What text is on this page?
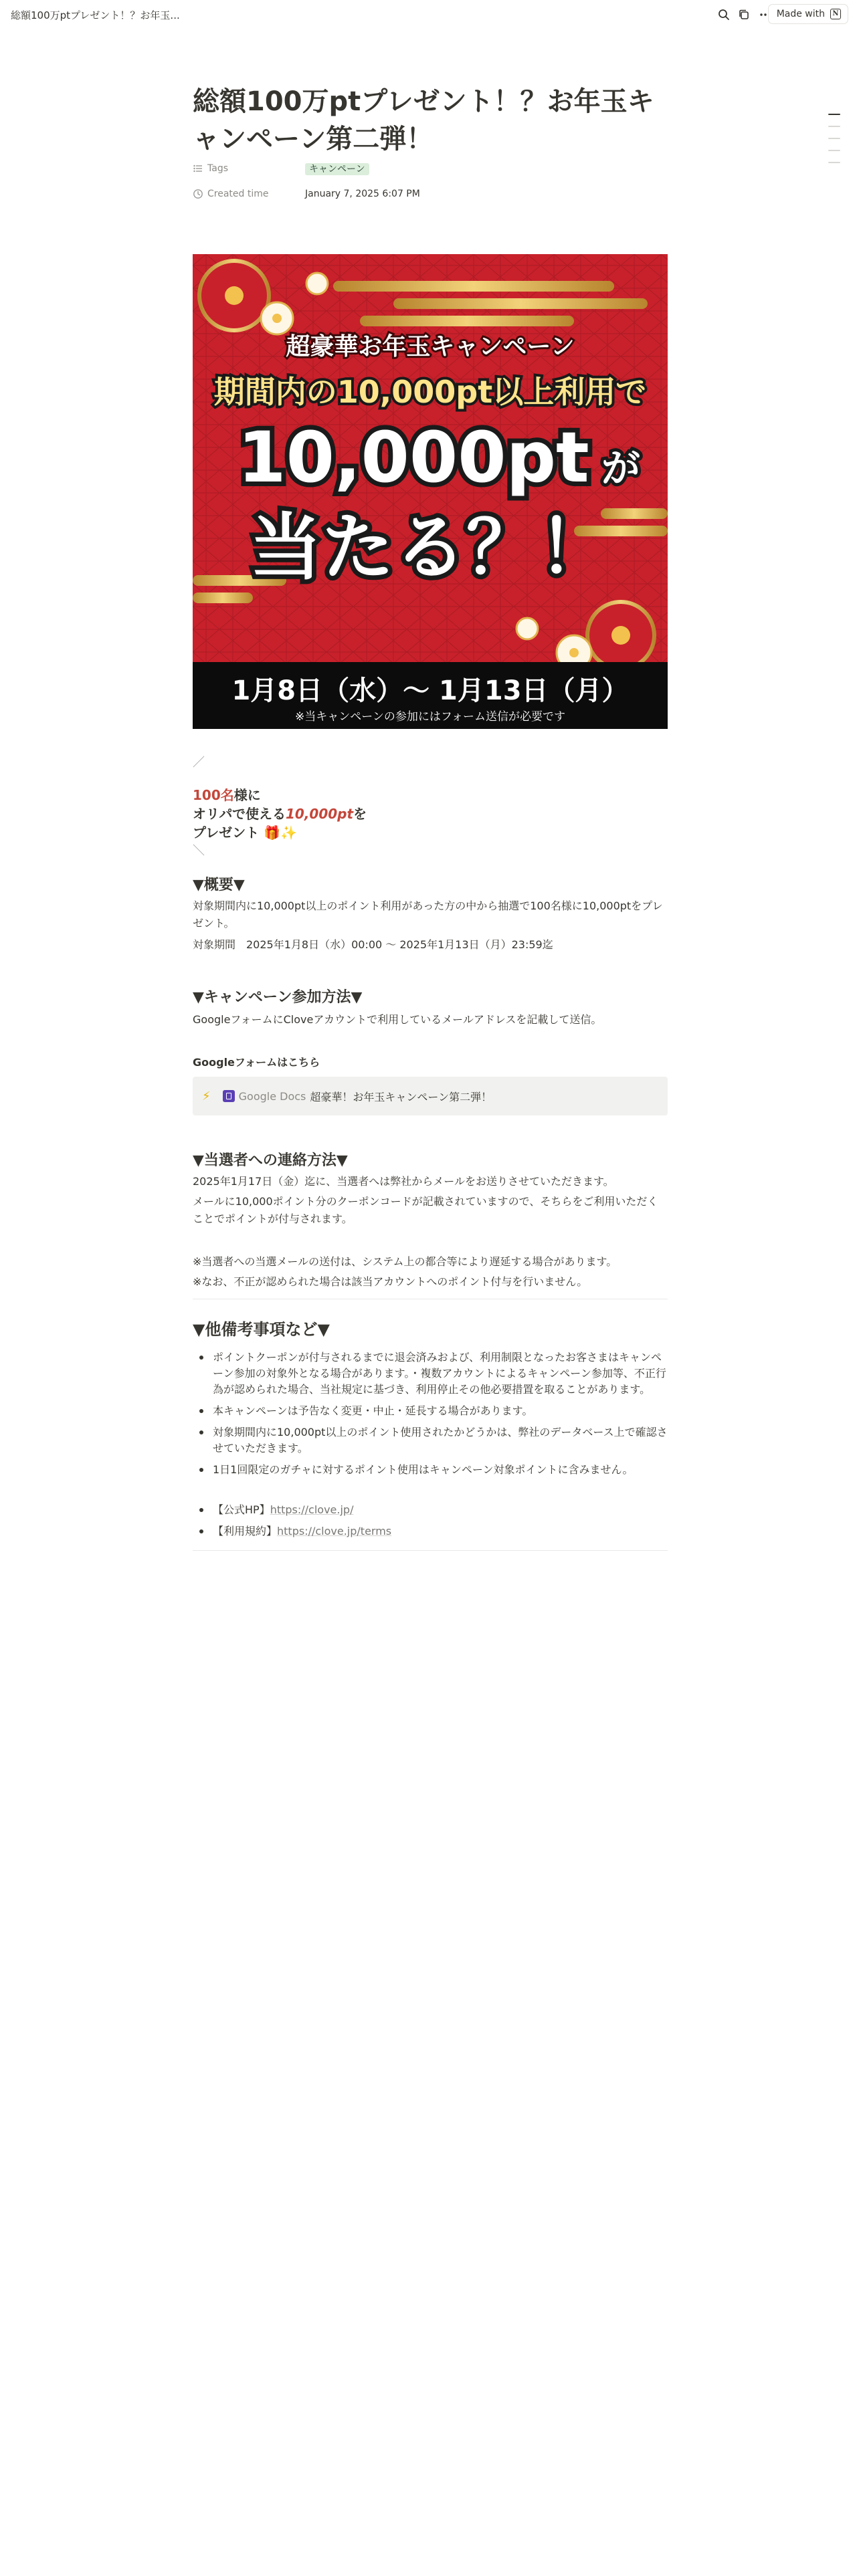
総額100万ptプレゼント！？お年玉...	Made with	N
総額100万ptプレゼント！？お年玉キャンペーン第二弾！
Tags	キャンペーン
Created time	January 7, 2025 6:07 PM
超豪華お年玉キャンペーン
期間内の10,000pt以上利用で
10,000pt が
当たる？！
1月8日（水）〜 1月13日（月）
※当キャンペーンの参加にはフォーム送信が必要です
／
100名様に
オリパで使える10,000ptを
プレゼント 🎁✨
＼
▼概要▼
対象期間内に10,000pt以上のポイント利用があった方の中から抽選で100名様に10,000ptをプレゼント。
対象期間　2025年1月8日（水）00:00 〜 2025年1月13日（月）23:59迄
▼キャンペーン参加方法▼
GoogleフォームにCloveアカウントで利用しているメールアドレスを記載して送信。
Googleフォームはこちら
⚡	Google Docs 超豪華！お年玉キャンペーン第二弾！
▼当選者への連絡方法▼
2025年1月17日（金）迄に、当選者へは弊社からメールをお送りさせていただきます。
メールに10,000ポイント分のクーポンコードが記載されていますので、そちらをご利用いただくことでポイントが付与されます。
※当選者への当選メールの送付は、システム上の都合等により遅延する場合があります。
※なお、不正が認められた場合は該当アカウントへのポイント付与を行いません。
▼他備考事項など▼
ポイントクーポンが付与されるまでに退会済みおよび、利用制限となったお客さまはキャンペーン参加の対象外となる場合があります。・複数アカウントによるキャンペーン参加等、不正行為が認められた場合、当社規定に基づき、利用停止その他必要措置を取ることがあります。
本キャンペーンは予告なく変更・中止・延長する場合があります。
対象期間内に10,000pt以上のポイント使用されたかどうかは、弊社のデータベース上で確認させていただきます。
1日1回限定のガチャに対するポイント使用はキャンペーン対象ポイントに含みません。
【公式HP】https://clove.jp/
【利用規約】https://clove.jp/terms
